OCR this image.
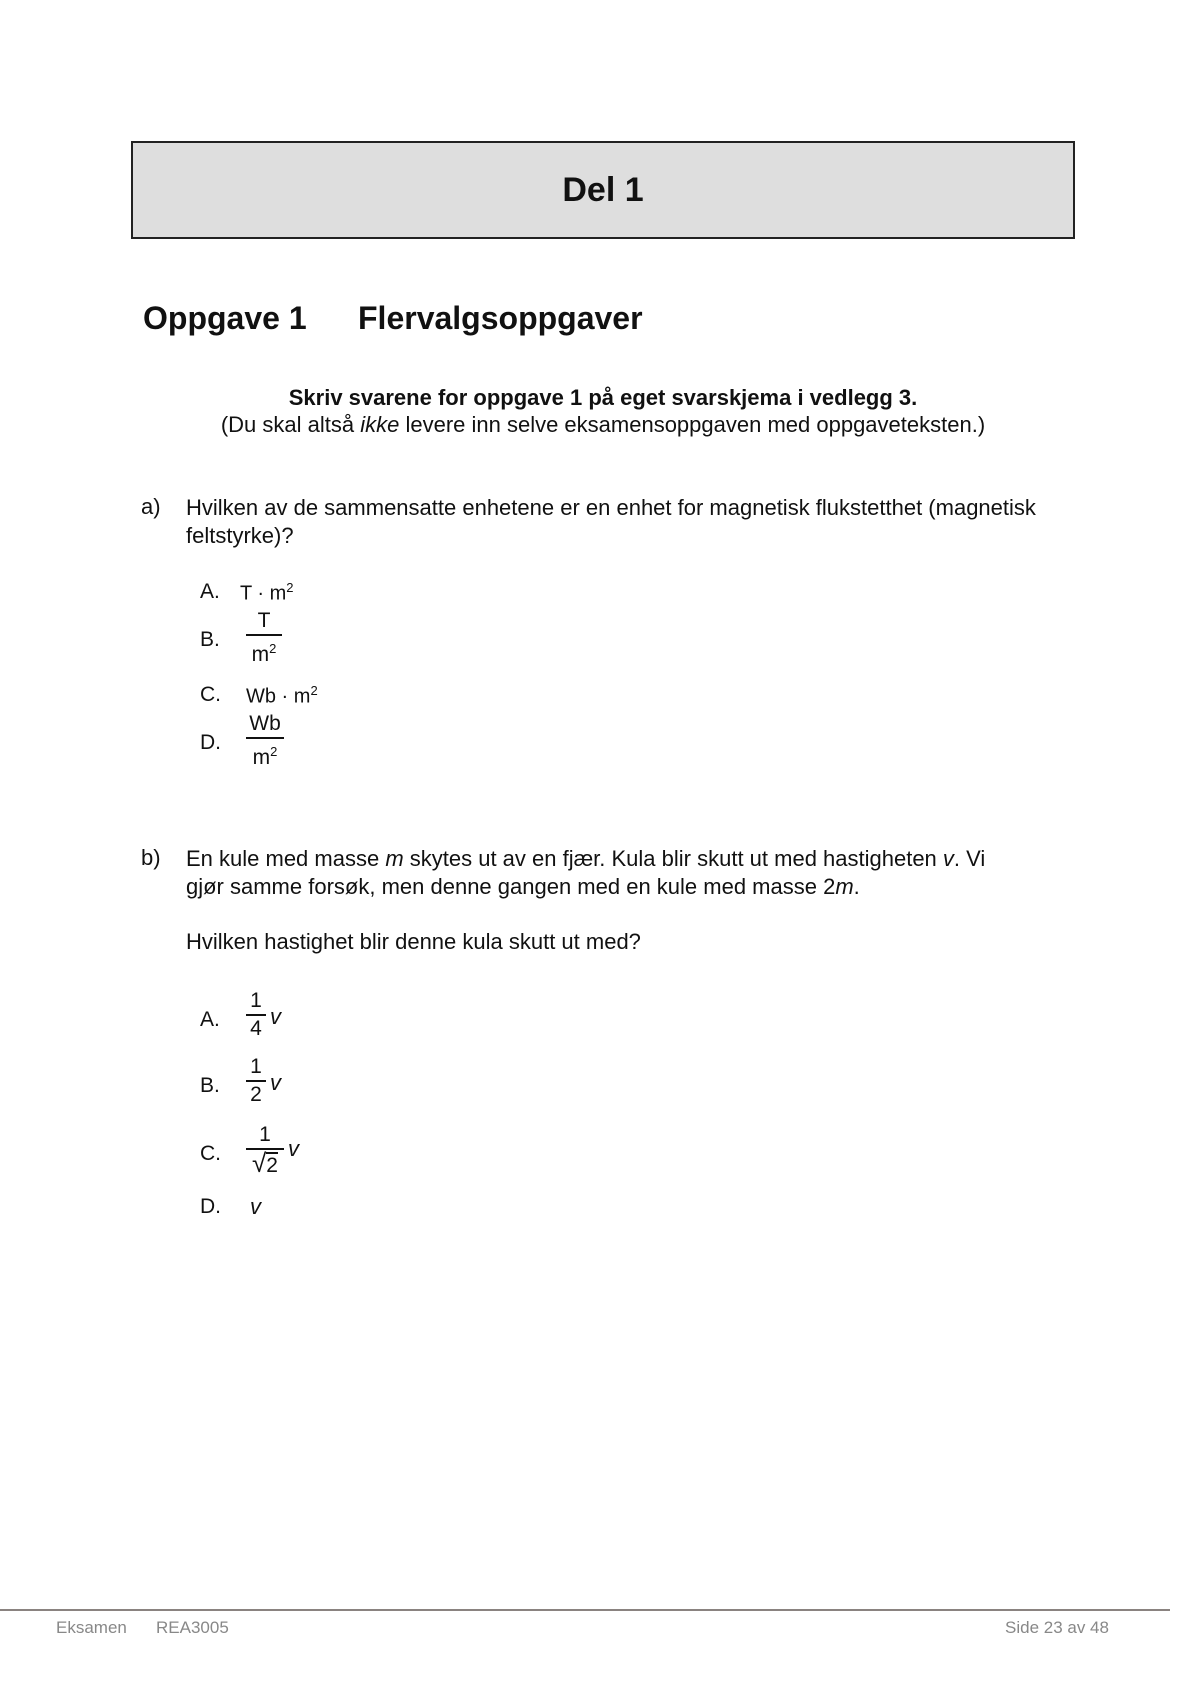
Del 1
Oppgave 1 Flervalgsoppgaver
Skriv svarene for oppgave 1 på eget svarskjema i vedlegg 3.
(Du skal altså ikke levere inn selve eksamensoppgaven med oppgaveteksten.)
a) Hvilken av de sammensatte enhetene er en enhet for magnetisk flukstetthet (magnetisk feltstyrke)?
A. $T \cdot m^2$
B.
T
$m^2$
C. $Wb \cdot m^2$
D.
Wb
$m^2$
b) En kule med masse m skytes ut av en fjær. Kula blir skutt ut med hastigheten v. Vi
gjør samme forsøk, men denne gangen med en kule med masse 2m.
Hvilken hastighet blir denne kula skutt ut med?
A.
1
4 v
B.
1
2 v
C.
1
√2
v
D. v
Eksamen REA3005	Side 23 av 48
